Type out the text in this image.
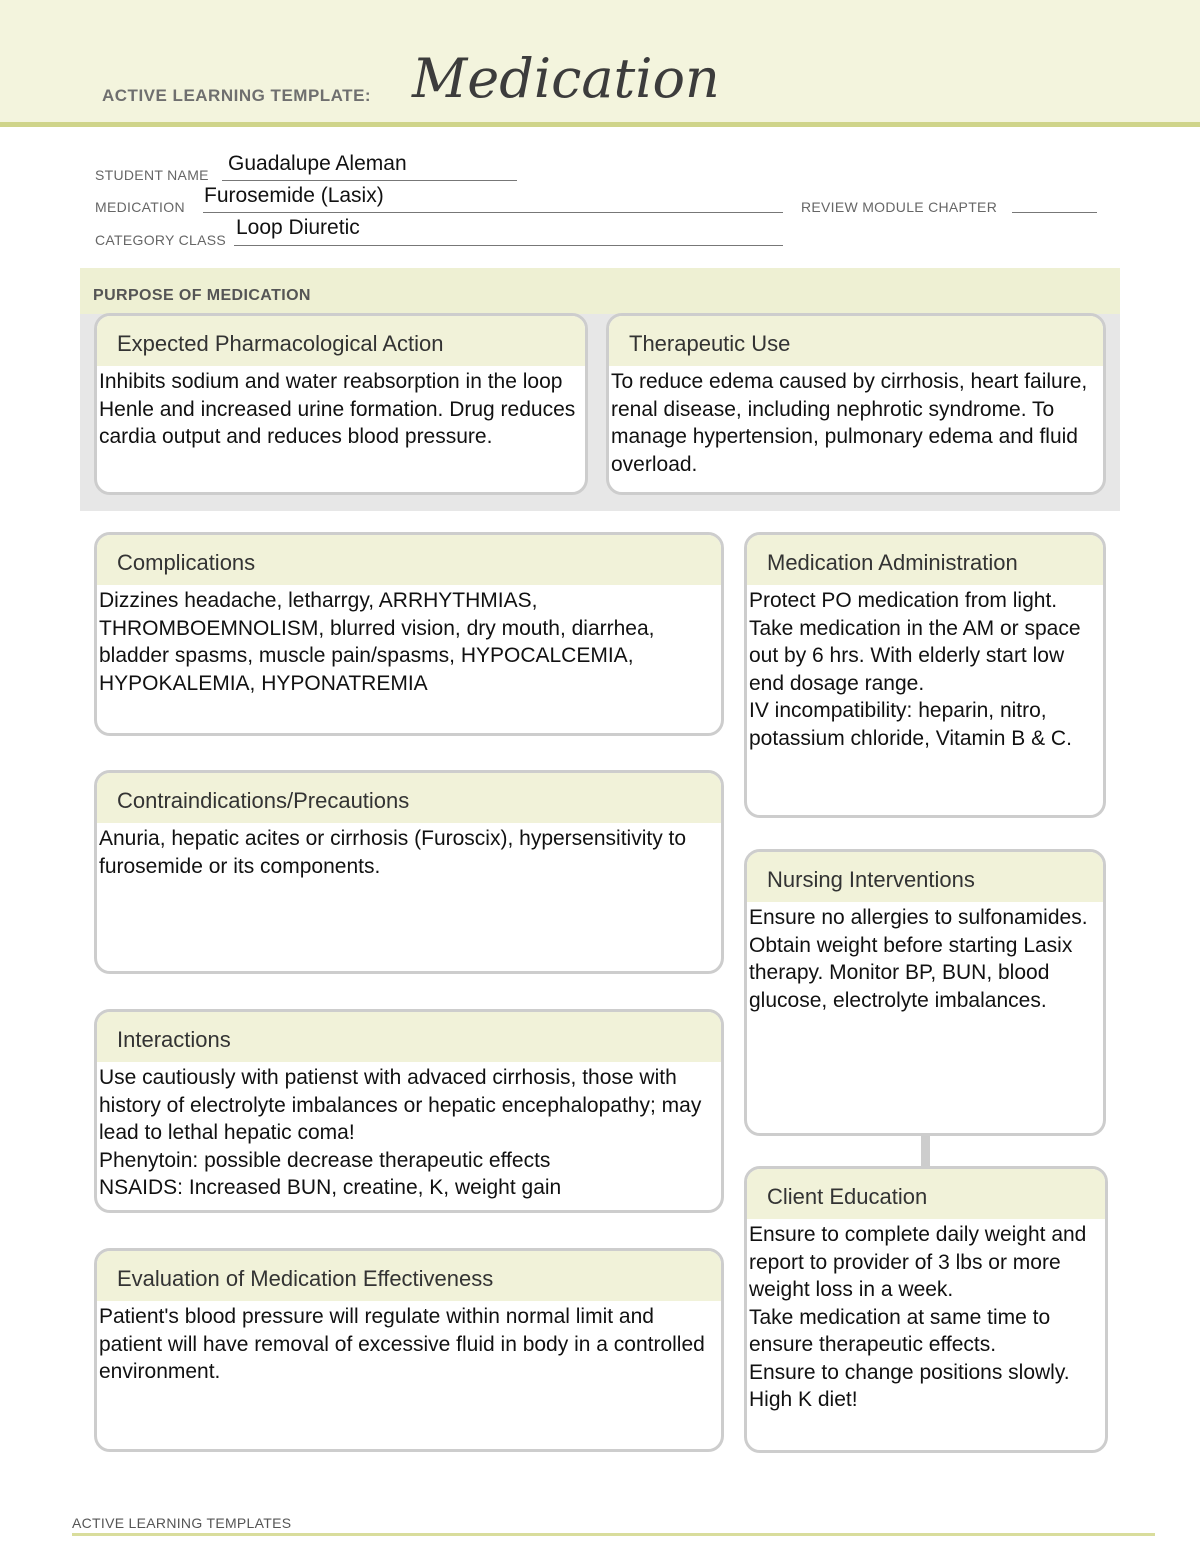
ACTIVE LEARNING TEMPLATE: Medication
STUDENT NAME Guadalupe Aleman
MEDICATION Furosemide (Lasix)	REVIEW MODULE CHAPTER
CATEGORY CLASS
Loop Diuretic
PURPOSE OF MEDICATION
Expected Pharmacological Action
Inhibits sodium and water reabsorption in the loop Henle and increased urine formation. Drug reduces cardia output and reduces blood pressure.
Therapeutic Use
To reduce edema caused by cirrhosis, heart failure, renal disease, including nephrotic syndrome. To manage hypertension, pulmonary edema and fluid overload.
Complications
Dizzines headache, letharrgy, ARRHYTHMIAS, THROMBOEMNOLISM, blurred vision, dry mouth, diarrhea, bladder spasms, muscle pain/spasms, HYPOCALCEMIA, HYPOKALEMIA, HYPONATREMIA
Contraindications/Precautions
Anuria, hepatic acites or cirrhosis (Furoscix), hypersensitivity to furosemide or its components.
Interactions
Use cautiously with patienst with advaced cirrhosis, those with history of electrolyte imbalances or hepatic encephalopathy; may lead to lethal hepatic coma!
Phenytoin: possible decrease therapeutic effects
NSAIDS: Increased BUN, creatine, K, weight gain
Evaluation of Medication Effectiveness
Patient's blood pressure will regulate within normal limit and patient will have removal of excessive fluid in body in a controlled environment.
Medication Administration
Protect PO medication from light. Take medication in the AM or space out by 6 hrs. With elderly start low end dosage range.
IV incompatibility: heparin, nitro, potassium chloride, Vitamin B & C.
Nursing Interventions
Ensure no allergies to sulfonamides. Obtain weight before starting Lasix therapy. Monitor BP, BUN, blood glucose, electrolyte imbalances.
Client Education
Ensure to complete daily weight and report to provider of 3 lbs or more weight loss in a week.
Take medication at same time to ensure therapeutic effects.
Ensure to change positions slowly. High K diet!
ACTIVE LEARNING TEMPLATES
